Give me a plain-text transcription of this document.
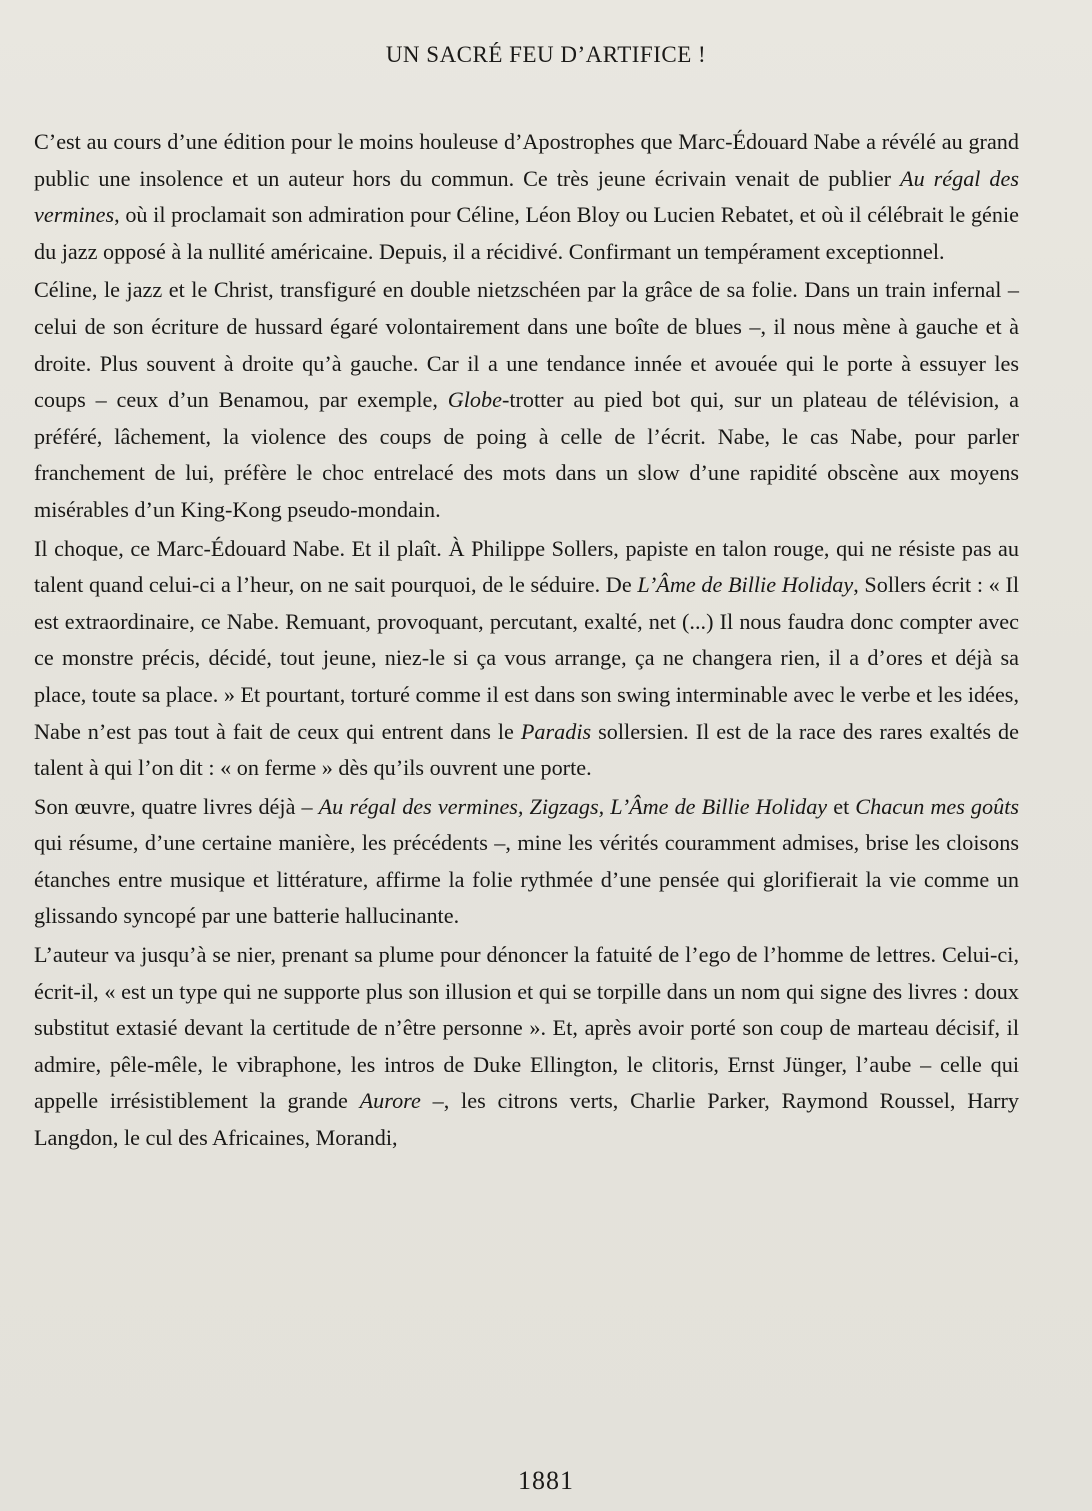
UN SACRÉ FEU D’ARTIFICE !

C’est au cours d’une édition pour le moins houleuse d’Apostrophes que Marc-Édouard Nabe a révélé au grand public une insolence et un auteur hors du commun. Ce très jeune écrivain venait de publier Au régal des vermines, où il proclamait son admiration pour Céline, Léon Bloy ou Lucien Rebatet, et où il célébrait le génie du jazz opposé à la nullité américaine. Depuis, il a récidivé. Confirmant un tempérament exceptionnel.

Céline, le jazz et le Christ, transfiguré en double nietzschéen par la grâce de sa folie. Dans un train infernal – celui de son écriture de hussard égaré volontairement dans une boîte de blues –, il nous mène à gauche et à droite. Plus souvent à droite qu’à gauche. Car il a une tendance innée et avouée qui le porte à essuyer les coups – ceux d’un Benamou, par exemple, Globe-trotter au pied bot qui, sur un plateau de télévision, a préféré, lâchement, la violence des coups de poing à celle de l’écrit. Nabe, le cas Nabe, pour parler franchement de lui, préfère le choc entrelacé des mots dans un slow d’une rapidité obscène aux moyens misérables d’un King-Kong pseudo-mondain.

Il choque, ce Marc-Édouard Nabe. Et il plaît. À Philippe Sollers, papiste en talon rouge, qui ne résiste pas au talent quand celui-ci a l’heur, on ne sait pourquoi, de le séduire. De L’Âme de Billie Holiday, Sollers écrit : « Il est extraordinaire, ce Nabe. Remuant, provoquant, percutant, exalté, net (...) Il nous faudra donc compter avec ce monstre précis, décidé, tout jeune, niez-le si ça vous arrange, ça ne changera rien, il a d’ores et déjà sa place, toute sa place. » Et pourtant, torturé comme il est dans son swing interminable avec le verbe et les idées, Nabe n’est pas tout à fait de ceux qui entrent dans le Paradis sollersien. Il est de la race des rares exaltés de talent à qui l’on dit : « on ferme » dès qu’ils ouvrent une porte.

Son œuvre, quatre livres déjà – Au régal des vermines, Zigzags, L’Âme de Billie Holiday et Chacun mes goûts qui résume, d’une certaine manière, les précédents –, mine les vérités couramment admises, brise les cloisons étanches entre musique et littérature, affirme la folie rythmée d’une pensée qui glorifierait la vie comme un glissando syncopé par une batterie hallucinante.

L’auteur va jusqu’à se nier, prenant sa plume pour dénoncer la fatuité de l’ego de l’homme de lettres. Celui-ci, écrit-il, « est un type qui ne supporte plus son illusion et qui se torpille dans un nom qui signe des livres : doux substitut extasié devant la certitude de n’être personne ». Et, après avoir porté son coup de marteau décisif, il admire, pêle-mêle, le vibraphone, les intros de Duke Ellington, le clitoris, Ernst Jünger, l’aube – celle qui appelle irrésistiblement la grande Aurore –, les citrons verts, Charlie Parker, Raymond Roussel, Harry Langdon, le cul des Africaines, Morandi,

1881
